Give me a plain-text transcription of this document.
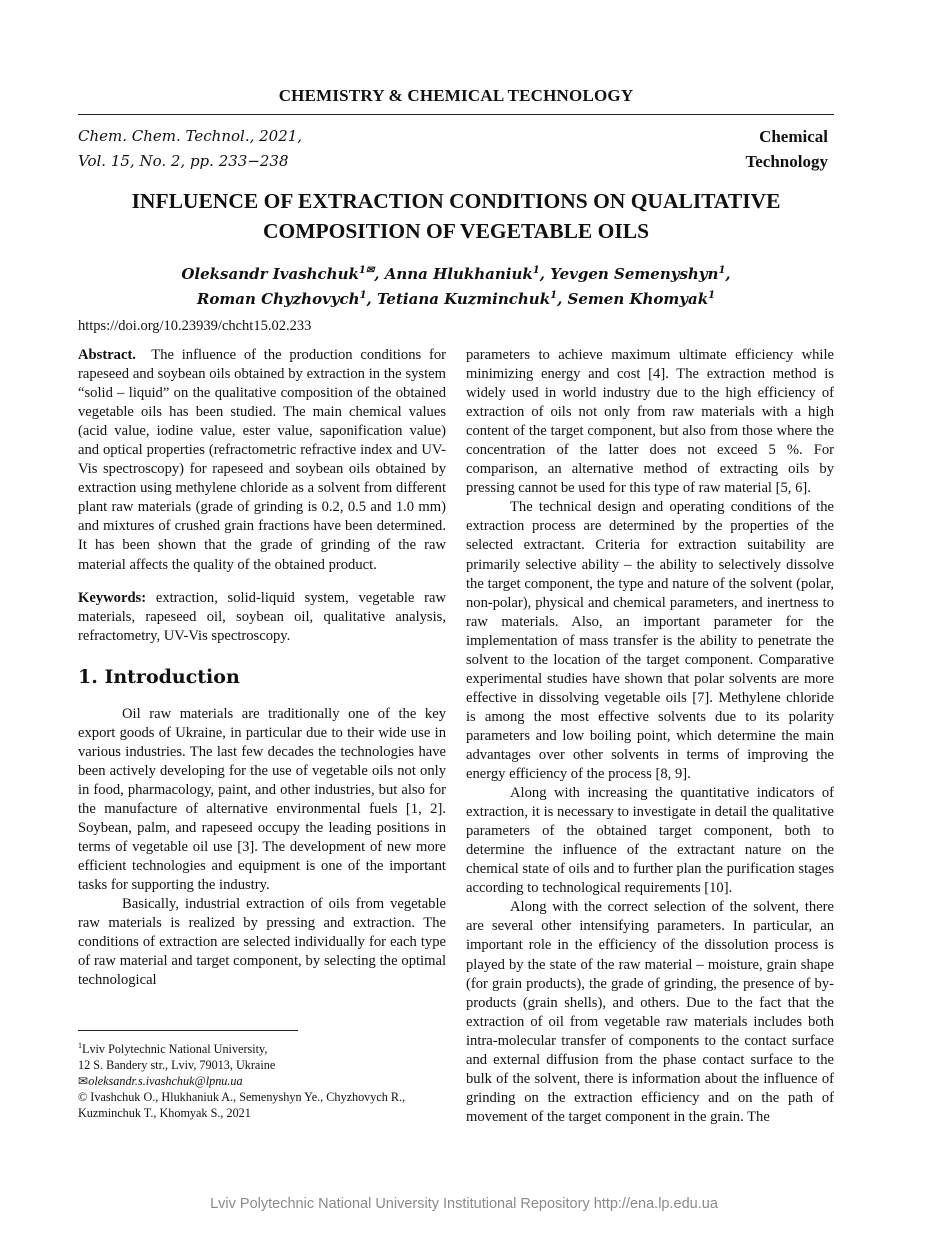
CHEMISTRY & CHEMICAL TECHNOLOGY
Chem. Chem. Technol., 2021,
Vol. 15, No. 2, pp. 233−238
Chemical
Technology
INFLUENCE OF EXTRACTION CONDITIONS ON QUALITATIVE
COMPOSITION OF VEGETABLE OILS
Oleksandr Ivashchuk$^{1✉}$, Anna Hlukhaniuk$^1$, Yevgen Semenyshyn$^1$,
Roman Chyzhovych$^1$, Tetiana Kuzminchuk$^1$, Semen Khomyak$^1$
https://doi.org/10.23939/chcht15.02.233

Abstract. The influence of the production conditions for rapeseed and soybean oils obtained by extraction in the system “solid – liquid” on the qualitative composition of the obtained vegetable oils has been studied. The main chemical values (acid value, iodine value, ester value, saponification value) and optical properties (refractometric refractive index and UV-Vis spectroscopy) for rapeseed and soybean oils obtained by extraction using methylene chloride as a solvent from different plant raw materials (grade of grinding is 0.2, 0.5 and 1.0 mm) and mixtures of crushed grain fractions have been determined. It has been shown that the grade of grinding of the raw material affects the quality of the obtained product.

Keywords: extraction, solid-liquid system, vegetable raw materials, rapeseed oil, soybean oil, qualitative analysis, refractometry, UV-Vis spectroscopy.

1. Introduction

Oil raw materials are traditionally one of the key export goods of Ukraine, in particular due to their wide use in various industries. The last few decades the technologies have been actively developing for the use of vegetable oils not only in food, pharmacology, paint, and other industries, but also for the manufacture of alternative environmental fuels [1, 2]. Soybean, palm, and rapeseed occupy the leading positions in terms of vegetable oil use [3]. The development of new more efficient technologies and equipment is one of the important tasks for supporting the industry.

Basically, industrial extraction of oils from vegetable raw materials is realized by pressing and extraction. The conditions of extraction are selected individually for each type of raw material and target component, by selecting the optimal technological

$^1$Lviv Polytechnic National University,

12 S. Bandery str., Lviv, 79013, Ukraine

✉oleksandr.s.ivashchuk@lpnu.ua

© Ivashchuk O., Hlukhaniuk A., Semenyshyn Ye., Chyzhovych R., Kuzminchuk T., Khomyak S., 2021

parameters to achieve maximum ultimate efficiency while minimizing energy and cost [4]. The extraction method is widely used in world industry due to the high efficiency of extraction of oils not only from raw materials with a high content of the target component, but also from those where the concentration of the latter does not exceed 5 %. For comparison, an alternative method of extracting oils by pressing cannot be used for this type of raw material [5, 6].

The technical design and operating conditions of the extraction process are determined by the properties of the selected extractant. Criteria for extraction suitability are primarily selective ability – the ability to selectively dissolve the target component, the type and nature of the solvent (polar, non-polar), physical and chemical parameters, and inertness to raw materials. Also, an important parameter for the implementation of mass transfer is the ability to penetrate the solvent to the location of the target component. Comparative experimental studies have shown that polar solvents are more effective in dissolving vegetable oils [7]. Methylene chloride is among the most effective solvents due to its polarity parameters and low boiling point, which determine the main advantages over other solvents in terms of improving the energy efficiency of the process [8, 9].

Along with increasing the quantitative indicators of extraction, it is necessary to investigate in detail the qualitative parameters of the obtained target component, both to determine the influence of the extractant nature on the chemical state of oils and to further plan the purification stages according to technological requirements [10].

Along with the correct selection of the solvent, there are several other intensifying parameters. In particular, an important role in the efficiency of the dissolution process is played by the state of the raw material – moisture, grain shape (for grain products), the grade of grinding, the presence of by-products (grain shells), and others. Due to the fact that the extraction of oil from vegetable raw materials includes both intra-molecular transfer of components to the contact surface and external diffusion from the phase contact surface to the bulk of the solvent, there is information about the influence of grinding on the extraction efficiency and on the path of movement of the target component in the grain. The

Lviv Polytechnic National University Institutional Repository http://ena.lp.edu.ua
